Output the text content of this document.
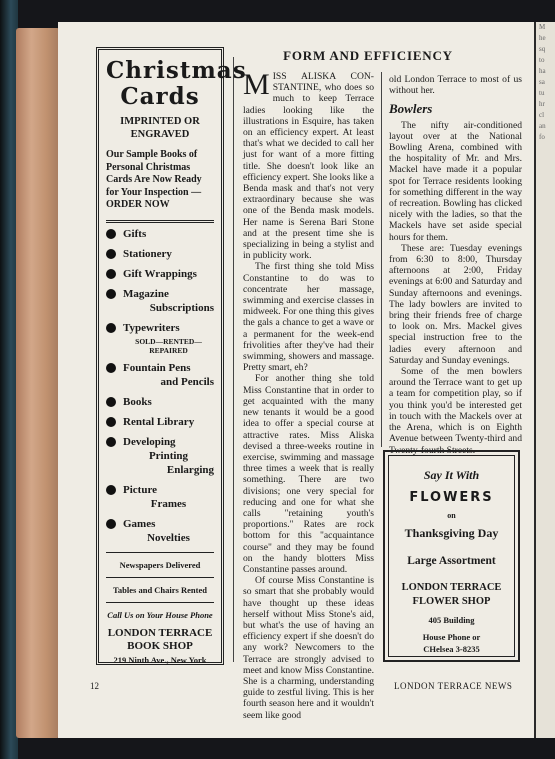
M
he
sq
to
ha
sa
tu
hr
cl
an
fo
FORM AND EFFICIENCY
Christmas
Cards
IMPRINTED OR ENGRAVED
Our Sample Books of Personal Christmas Cards Are Now Ready for Your Inspection — ORDER NOW
Gifts
Stationery
Gift Wrappings
Magazine
Subscriptions
Typewriters
SOLD—RENTED— REPAIRED
Fountain Pens
and Pencils
Books
Rental Library
Developing
Printing
Enlarging
Picture
Frames
Games
Novelties
Newspapers Delivered
Tables and Chairs Rented
Call Us on Your House Phone
LONDON TERRACE BOOK SHOP
219 Ninth Ave., New York

MISS ALISKA CON-STANTINE, who does so much to keep Terrace ladies looking like the illustrations in Esquire, has taken on an efficiency expert. At least that's what we decided to call her just for want of a more fitting title. She doesn't look like an efficiency expert. She looks like a Benda mask and that's not very extraordinary because she was one of the Benda mask models. Her name is Serena Bari Stone and at the present time she is specializing in being a stylist and in publicity work.

The first thing she told Miss Constantine to do was to concentrate her massage, swimming and exercise classes in midweek. For one thing this gives the gals a chance to get a wave or a permanent for the week-end frivolities after they've had their swimming, showers and massage. Pretty smart, eh?

For another thing she told Miss Constantine that in order to get acquainted with the many new tenants it would be a good idea to offer a special course at attractive rates. Miss Aliska devised a three-weeks routine in exercise, swimming and massage three times a week that is really something. There are two divisions; one very special for reducing and one for what she calls "retaining youth's proportions." Rates are rock bottom for this "acquaintance course" and they may be found on the handy blotters Miss Constantine passes around.

Of course Miss Constantine is so smart that she probably would have thought up these ideas herself without Miss Stone's aid, but what's the use of having an efficiency expert if she doesn't do any work? Newcomers to the Terrace are strongly advised to meet and know Miss Constantine. She is a charming, understanding guide to zestful living. This is her fourth season here and it wouldn't seem like good

old London Terrace to most of us without her.

Bowlers

The nifty air-conditioned layout over at the National Bowling Arena, combined with the hospitality of Mr. and Mrs. Mackel have made it a popular spot for Terrace residents looking for something different in the way of recreation. Bowling has clicked nicely with the ladies, so that the Mackels have set aside special hours for them.

These are: Tuesday evenings from 6:30 to 8:00, Thursday afternoons at 2:00, Friday evenings at 6:00 and Saturday and Sunday afternoons and evenings. The lady bowlers are invited to bring their friends free of charge to look on. Mrs. Mackel gives special instruction free to the ladies every afternoon and Saturday and Sunday evenings.

Some of the men bowlers around the Terrace want to get up a team for competition play, so if you think you'd be interested get in touch with the Mackels over at the Arena, which is on Eighth Avenue between Twenty-third and Twenty-fourth Streets.

Say It With
FLOWERS
on
Thanksgiving Day
Large Assortment
LONDON TERRACE FLOWER SHOP
405 Building
House Phone or
CHelsea 3-8235
12	LONDON TERRACE NEWS
